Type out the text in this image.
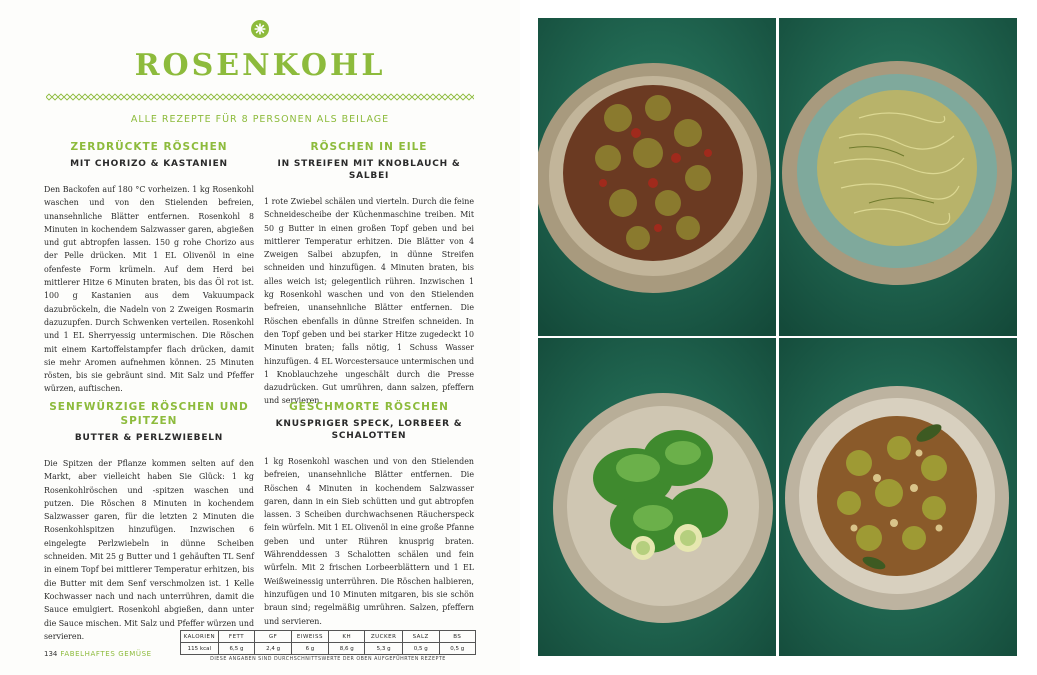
ROSENKOHL
ALLE REZEPTE FÜR 8 PERSONEN ALS BEILAGE
ZERDRÜCKTE RÖSCHEN
MIT CHORIZO & KASTANIEN

Den Backofen auf 180 °C vorheizen. 1 kg Rosenkohl waschen und von den Stielenden befreien, unansehnliche Blätter entfernen. Rosenkohl 8 Minuten in kochendem Salzwasser garen, abgießen und gut abtropfen lassen. 150 g rohe Chorizo aus der Pelle drücken. Mit 1 EL Olivenöl in eine ofenfeste Form krümeln. Auf dem Herd bei mittlerer Hitze 6 Minuten braten, bis das Öl rot ist. 100 g Kastanien aus dem Vakuumpack dazubröckeln, die Nadeln von 2 Zweigen Rosmarin dazuzupfen. Durch Schwenken verteilen. Rosenkohl und 1 EL Sherryessig untermischen. Die Röschen mit einem Kartoffelstampfer flach drücken, damit sie mehr Aromen aufnehmen können. 25 Minuten rösten, bis sie gebräunt sind. Mit Salz und Pfeffer würzen, auftischen.

RÖSCHEN IN EILE
IN STREIFEN MIT KNOBLAUCH & SALBEI

1 rote Zwiebel schälen und vierteln. Durch die feine Schneidescheibe der Küchenmaschine treiben. Mit 50 g Butter in einen großen Topf geben und bei mittlerer Temperatur erhitzen. Die Blätter von 4 Zweigen Salbei abzupfen, in dünne Streifen schneiden und hinzufügen. 4 Minuten braten, bis alles weich ist; gelegentlich rühren. Inzwischen 1 kg Rosenkohl waschen und von den Stielenden befreien, unansehnliche Blätter entfernen. Die Röschen ebenfalls in dünne Streifen schneiden. In den Topf geben und bei starker Hitze zugedeckt 10 Minuten braten; falls nötig, 1 Schuss Wasser hinzufügen. 4 EL Worcestersauce untermischen und 1 Knoblauchzehe ungeschält durch die Presse dazudrücken. Gut umrühren, dann salzen, pfeffern und servieren.

SENFWÜRZIGE RÖSCHEN UND SPITZEN
BUTTER & PERLZWIEBELN

Die Spitzen der Pflanze kommen selten auf den Markt, aber vielleicht haben Sie Glück: 1 kg Rosenkohlröschen und -spitzen waschen und putzen. Die Röschen 8 Minuten in kochendem Salzwasser garen, für die letzten 2 Minuten die Rosenkohlspitzen hinzufügen. Inzwischen 6 eingelegte Perlzwiebeln in dünne Scheiben schneiden. Mit 25 g Butter und 1 gehäuften TL Senf in einem Topf bei mittlerer Temperatur erhitzen, bis die Butter mit dem Senf verschmolzen ist. 1 Kelle Kochwasser nach und nach unterrühren, damit die Sauce emulgiert. Rosenkohl abgießen, dann unter die Sauce mischen. Mit Salz und Pfeffer würzen und servieren.

GESCHMORTE RÖSCHEN
KNUSPRIGER SPECK, LORBEER & SCHALOTTEN

1 kg Rosenkohl waschen und von den Stielenden befreien, unansehnliche Blätter entfernen. Die Röschen 4 Minuten in kochendem Salzwasser garen, dann in ein Sieb schütten und gut abtropfen lassen. 3 Scheiben durchwachsenen Räucherspeck fein würfeln. Mit 1 EL Olivenöl in eine große Pfanne geben und unter Rühren knusprig braten. Währenddessen 3 Schalotten schälen und fein würfeln. Mit 2 frischen Lorbeerblättern und 1 EL Weißweinessig unterrühren. Die Röschen halbieren, hinzufügen und 10 Minuten mitgaren, bis sie schön braun sind; regelmäßig umrühren. Salzen, pfeffern und servieren.

KALORIEN	FETT	GF	EIWEISS	KH	ZUCKER	SALZ	BS
115 kcal	6,5 g	2,4 g	6 g	8,6 g	5,3 g	0,5 g	0,5 g
DIESE ANGABEN SIND DURCHSCHNITTSWERTE DER OBEN AUFGEFÜHRTEN REZEPTE
134 FABELHAFTES GEMÜSE
